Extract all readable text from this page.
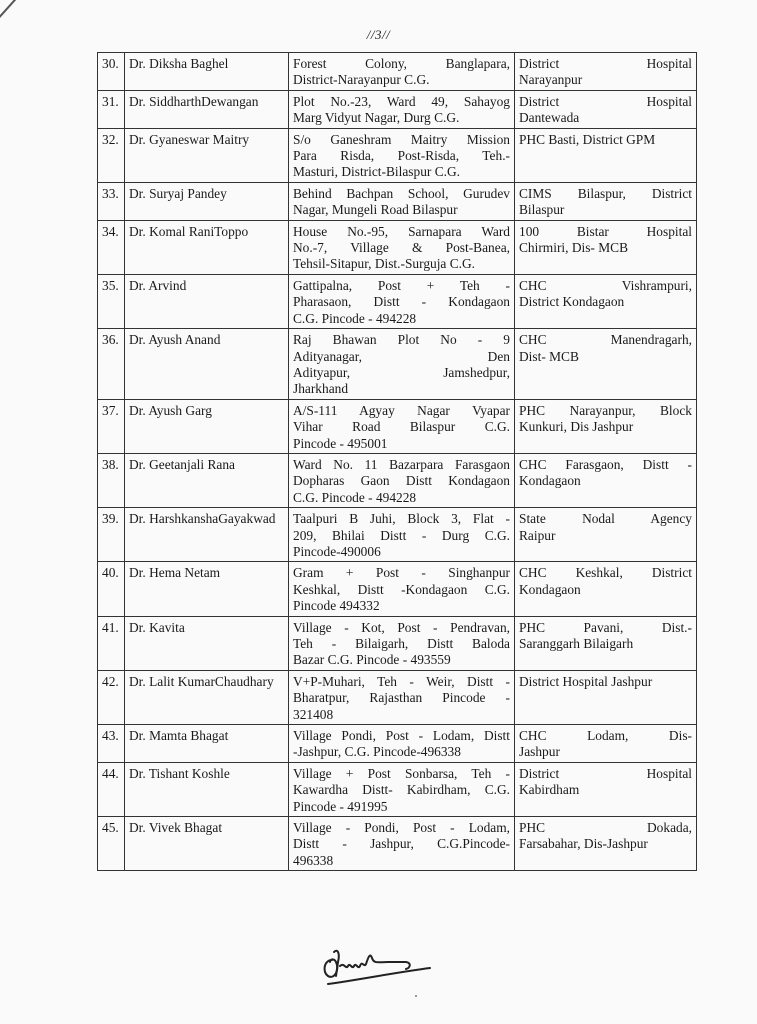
//3//
30.	Dr. Diksha Baghel	Forest Colony, Banglapara,
District-Narayanpur C.G.	District Hospital
Narayanpur

31.	Dr. SiddharthDewangan	Plot No.-23, Ward 49, Sahayog
Marg Vidyut Nagar, Durg C.G.	District Hospital
Dantewada

32.	Dr. Gyaneswar Maitry	S/o Ganeshram Maitry Mission
Para Risda, Post-Risda, Teh.-
Masturi, District-Bilaspur C.G.	PHC Basti, District GPM

33.	Dr. Suryaj Pandey	Behind Bachpan School, Gurudev
Nagar, Mungeli Road Bilaspur	CIMS Bilaspur, District
Bilaspur

34.	Dr. Komal RaniToppo	House No.-95, Sarnapara Ward
No.-7, Village & Post-Banea,
Tehsil-Sitapur, Dist.-Surguja C.G.	100 Bistar Hospital
Chirmiri, Dis- MCB

35.	Dr. Arvind	Gattipalna, Post + Teh -
Pharasaon, Distt - Kondagaon
C.G. Pincode - 494228	CHC Vishrampuri,
District Kondagaon

36.	Dr. Ayush Anand	Raj Bhawan Plot No - 9
Adityanagar, Den
Adityapur, Jamshedpur,
Jharkhand	CHC Manendragarh,
Dist- MCB

37.	Dr. Ayush Garg	A/S-111 Agyay Nagar Vyapar
Vihar Road Bilaspur C.G.
Pincode - 495001	PHC Narayanpur, Block
Kunkuri, Dis Jashpur

38.	Dr. Geetanjali Rana	Ward No. 11 Bazarpara Farasgaon
Dopharas Gaon Distt Kondagaon
C.G. Pincode - 494228	CHC Farasgaon, Distt -
Kondagaon

39.	Dr. HarshkanshaGayakwad	Taalpuri B Juhi, Block 3, Flat -
209, Bhilai Distt - Durg C.G.
Pincode-490006	State Nodal Agency
Raipur

40.	Dr. Hema Netam	Gram + Post - Singhanpur
Keshkal, Distt -Kondagaon C.G.
Pincode 494332	CHC Keshkal, District
Kondagaon

41.	Dr. Kavita	Village - Kot, Post - Pendravan,
Teh - Bilaigarh, Distt Baloda
Bazar C.G. Pincode - 493559	PHC Pavani, Dist.-
Saranggarh Bilaigarh

42.	Dr. Lalit KumarChaudhary	V+P-Muhari, Teh - Weir, Distt -
Bharatpur, Rajasthan Pincode -
321408	District Hospital Jashpur

43.	Dr. Mamta Bhagat	Village Pondi, Post - Lodam, Distt
-Jashpur, C.G. Pincode-496338	CHC Lodam, Dis-
Jashpur

44.	Dr. Tishant Koshle	Village + Post Sonbarsa, Teh -
Kawardha Distt- Kabirdham, C.G.
Pincode - 491995	District Hospital
Kabirdham

45.	Dr. Vivek Bhagat	Village - Pondi, Post - Lodam,
Distt - Jashpur, C.G.Pincode-
496338	PHC Dokada,
Farsabahar, Dis-Jashpur
